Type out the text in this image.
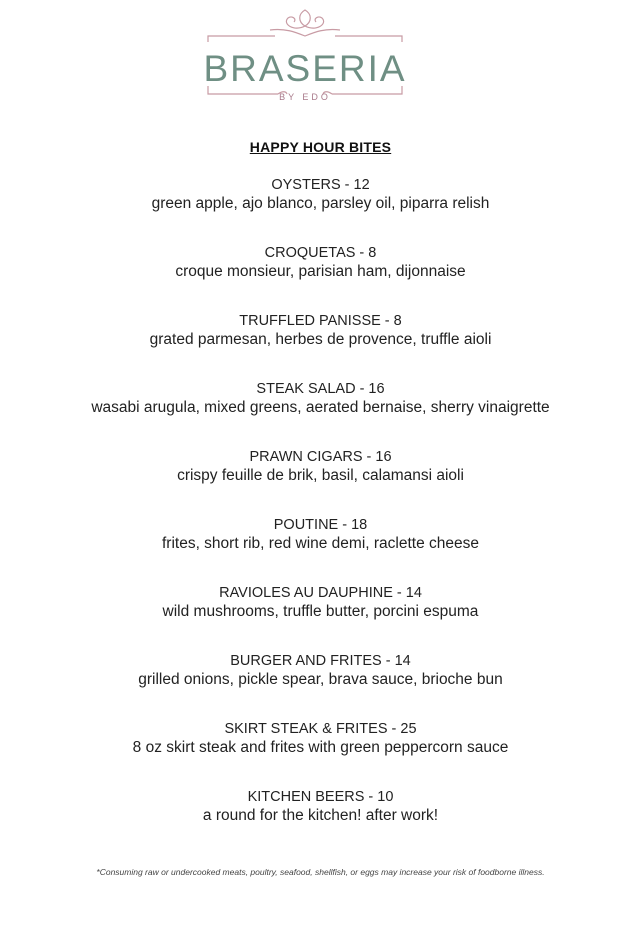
BRASERIA
BY EDO
HAPPY HOUR BITES
OYSTERS - 12
green apple, ajo blanco, parsley oil, piparra relish
CROQUETAS - 8
croque monsieur, parisian ham, dijonnaise
TRUFFLED PANISSE - 8
grated parmesan, herbes de provence, truffle aioli
STEAK SALAD - 16
wasabi arugula, mixed greens, aerated bernaise, sherry vinaigrette
PRAWN CIGARS - 16
crispy feuille de brik, basil, calamansi aioli
POUTINE - 18
frites, short rib, red wine demi, raclette cheese
RAVIOLES AU DAUPHINE - 14
wild mushrooms, truffle butter, porcini espuma
BURGER AND FRITES - 14
grilled onions, pickle spear, brava sauce, brioche bun
SKIRT STEAK & FRITES - 25
8 oz skirt steak and frites with green peppercorn sauce
KITCHEN BEERS - 10
a round for the kitchen! after work!
*Consuming raw or undercooked meats, poultry, seafood, shellfish, or eggs may increase your risk of foodborne illness.
